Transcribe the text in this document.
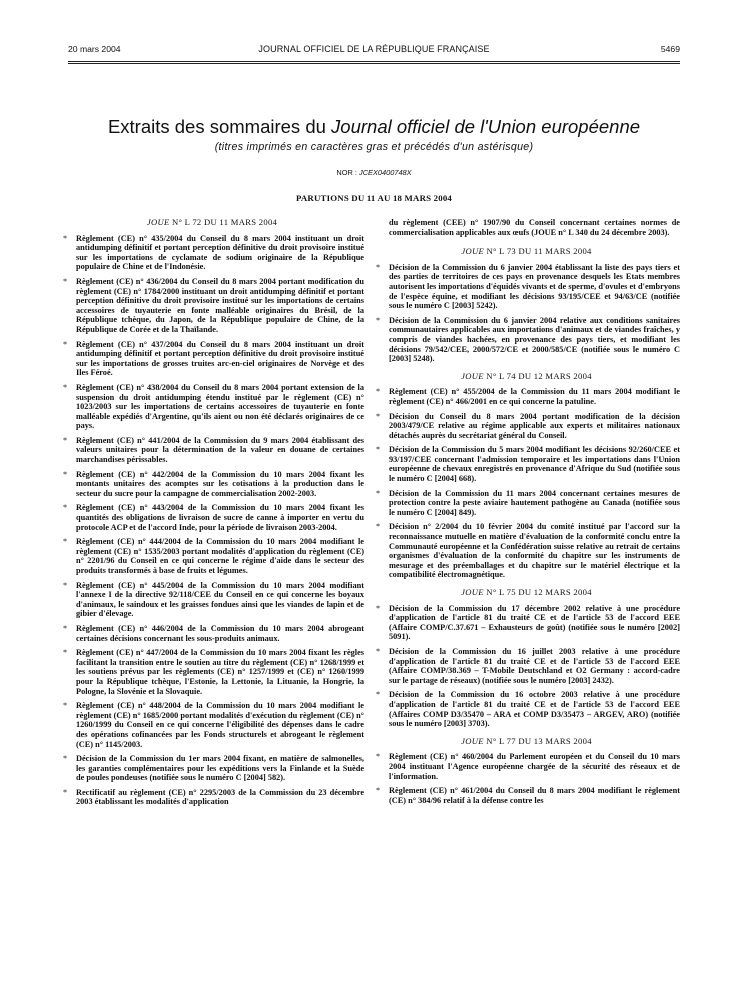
20 mars 2004	JOURNAL OFFICIEL DE LA RÉPUBLIQUE FRANÇAISE	5469
Extraits des sommaires du Journal officiel de l'Union européenne
(titres imprimés en caractères gras et précédés d'un astérisque)
NOR : JCEX0400748X
PARUTIONS DU 11 AU 18 MARS 2004
JOUE N° L 72 DU 11 MARS 2004
* Règlement (CE) n° 435/2004 du Conseil du 8 mars 2004 instituant un droit antidumping définitif et portant perception définitive du droit provisoire institué sur les importations de cyclamate de sodium originaire de la République populaire de Chine et de l'Indonésie.
* Règlement (CE) n° 436/2004 du Conseil du 8 mars 2004 portant modification du règlement (CE) n° 1784/2000 instituant un droit antidumping définitif et portant perception définitive du droit provisoire institué sur les importations de certains accessoires de tuyauterie en fonte malléable originaires du Brésil, de la République tchèque, du Japon, de la République populaire de Chine, de la République de Corée et de la Thaïlande.
* Règlement (CE) n° 437/2004 du Conseil du 8 mars 2004 instituant un droit antidumping définitif et portant perception définitive du droit provisoire institué sur les importations de grosses truites arc-en-ciel originaires de Norvège et des Iles Féroé.
* Règlement (CE) n° 438/2004 du Conseil du 8 mars 2004 portant extension de la suspension du droit antidumping étendu institué par le règlement (CE) n° 1023/2003 sur les importations de certains accessoires de tuyauterie en fonte malléable expédiés d'Argentine, qu'ils aient ou non été déclarés originaires de ce pays.
* Règlement (CE) n° 441/2004 de la Commission du 9 mars 2004 établissant des valeurs unitaires pour la détermination de la valeur en douane de certaines marchandises périssables.
* Règlement (CE) n° 442/2004 de la Commission du 10 mars 2004 fixant les montants unitaires des acomptes sur les cotisations à la production dans le secteur du sucre pour la campagne de commercialisation 2002-2003.
* Règlement (CE) n° 443/2004 de la Commission du 10 mars 2004 fixant les quantités des obligations de livraison de sucre de canne à importer en vertu du protocole ACP et de l'accord Inde, pour la période de livraison 2003-2004.
* Règlement (CE) n° 444/2004 de la Commission du 10 mars 2004 modifiant le règlement (CE) n° 1535/2003 portant modalités d'application du règlement (CE) n° 2201/96 du Conseil en ce qui concerne le régime d'aide dans le secteur des produits transformés à base de fruits et légumes.
* Règlement (CE) n° 445/2004 de la Commission du 10 mars 2004 modifiant l'annexe I de la directive 92/118/CEE du Conseil en ce qui concerne les boyaux d'animaux, le saindoux et les graisses fondues ainsi que les viandes de lapin et de gibier d'élevage.
* Règlement (CE) n° 446/2004 de la Commission du 10 mars 2004 abrogeant certaines décisions concernant les sous-produits animaux.
* Règlement (CE) n° 447/2004 de la Commission du 10 mars 2004 fixant les règles facilitant la transition entre le soutien au titre du règlement (CE) n° 1268/1999 et les soutiens prévus par les règlements (CE) n° 1257/1999 et (CE) n° 1260/1999 pour la République tchèque, l'Estonie, la Lettonie, la Lituanie, la Hongrie, la Pologne, la Slovénie et la Slovaquie.
* Règlement (CE) n° 448/2004 de la Commission du 10 mars 2004 modifiant le règlement (CE) n° 1685/2000 portant modalités d'exécution du règlement (CE) n° 1260/1999 du Conseil en ce qui concerne l'éligibilité des dépenses dans le cadre des opérations cofinancées par les Fonds structurels et abrogeant le règlement (CE) n° 1145/2003.
* Décision de la Commission du 1er mars 2004 fixant, en matière de salmonelles, les garanties complémentaires pour les expéditions vers la Finlande et la Suède de poules pondeuses (notifiée sous le numéro C [2004] 582).
* Rectificatif au règlement (CE) n° 2295/2003 de la Commission du 23 décembre 2003 établissant les modalités d'application
du règlement (CEE) n° 1907/90 du Conseil concernant certaines normes de commercialisation applicables aux œufs (JOUE n° L 340 du 24 décembre 2003).
JOUE N° L 73 DU 11 MARS 2004
* Décision de la Commission du 6 janvier 2004 établissant la liste des pays tiers et des parties de territoires de ces pays en provenance desquels les Etats membres autorisent les importations d'équidés vivants et de sperme, d'ovules et d'embryons de l'espèce équine, et modifiant les décisions 93/195/CEE et 94/63/CE (notifiée sous le numéro C [2003] 5242).
* Décision de la Commission du 6 janvier 2004 relative aux conditions sanitaires communautaires applicables aux importations d'animaux et de viandes fraîches, y compris de viandes hachées, en provenance des pays tiers, et modifiant les décisions 79/542/CEE, 2000/572/CE et 2000/585/CE (notifiée sous le numéro C [2003] 5248).
JOUE N° L 74 DU 12 MARS 2004
* Règlement (CE) n° 455/2004 de la Commission du 11 mars 2004 modifiant le règlement (CE) n° 466/2001 en ce qui concerne la patuline.
* Décision du Conseil du 8 mars 2004 portant modification de la décision 2003/479/CE relative au régime applicable aux experts et militaires nationaux détachés auprès du secrétariat général du Conseil.
* Décision de la Commission du 5 mars 2004 modifiant les décisions 92/260/CEE et 93/197/CEE concernant l'admission temporaire et les importations dans l'Union européenne de chevaux enregistrés en provenance d'Afrique du Sud (notifiée sous le numéro C [2004] 668).
* Décision de la Commission du 11 mars 2004 concernant certaines mesures de protection contre la peste aviaire hautement pathogène au Canada (notifiée sous le numéro C [2004] 849).
* Décision n° 2/2004 du 10 février 2004 du comité institué par l'accord sur la reconnaissance mutuelle en matière d'évaluation de la conformité conclu entre la Communauté européenne et la Confédération suisse relative au retrait de certains organismes d'évaluation de la conformité du chapitre sur les instruments de mesurage et des préemballages et du chapitre sur le matériel électrique et la compatibilité électromagnétique.
JOUE N° L 75 DU 12 MARS 2004
* Décision de la Commission du 17 décembre 2002 relative à une procédure d'application de l'article 81 du traité CE et de l'article 53 de l'accord EEE (Affaire COMP/C.37.671 – Exhausteurs de goût) (notifiée sous le numéro [2002] 5091).
* Décision de la Commission du 16 juillet 2003 relative à une procédure d'application de l'article 81 du traité CE et de l'article 53 de l'accord EEE (Affaire COMP/38.369 – T-Mobile Deutschland et O2 Germany : accord-cadre sur le partage de réseaux) (notifiée sous le numéro [2003] 2432).
* Décision de la Commission du 16 octobre 2003 relative à une procédure d'application de l'article 81 du traité CE et de l'article 53 de l'accord EEE (Affaires COMP D3/35470 – ARA et COMP D3/35473 – ARGEV, ARO) (notifiée sous le numéro [2003] 3703).
JOUE N° L 77 DU 13 MARS 2004
* Règlement (CE) n° 460/2004 du Parlement européen et du Conseil du 10 mars 2004 instituant l'Agence européenne chargée de la sécurité des réseaux et de l'information.
* Règlement (CE) n° 461/2004 du Conseil du 8 mars 2004 modifiant le règlement (CE) n° 384/96 relatif à la défense contre les
